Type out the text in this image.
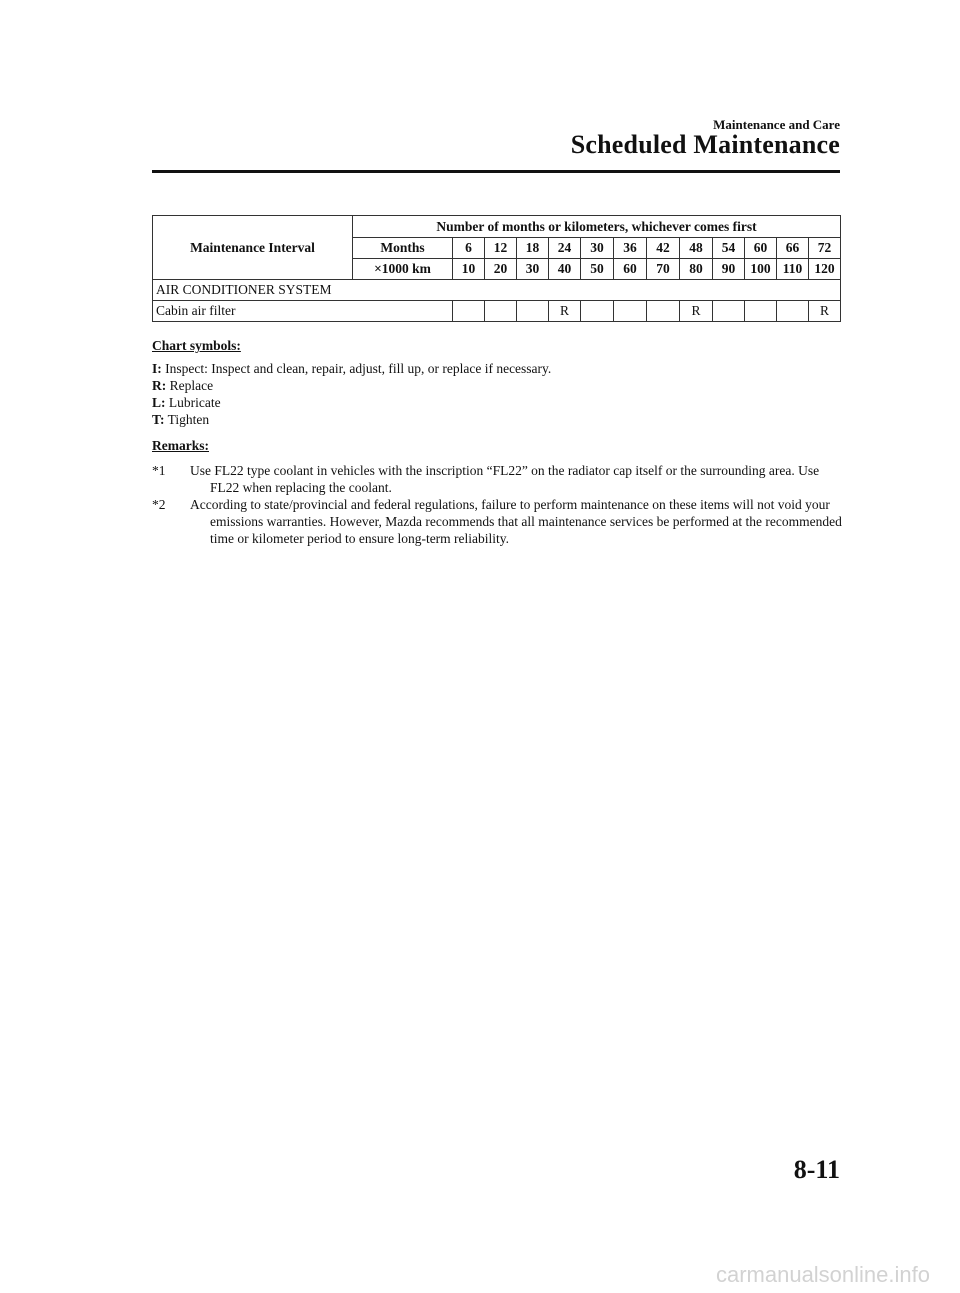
Maintenance and Care
Scheduled Maintenance
Maintenance Interval	Number of months or kilometers, whichever comes first												
	Months	6	12	18	24	30	36	42	48	54	60	66	72
	×1000 km	10	20	30	40	50	60	70	80	90	100	110	120
AIR CONDITIONER SYSTEM													
Cabin air filter					R				R				R
Chart symbols:
I: Inspect: Inspect and clean, repair, adjust, fill up, or replace if necessary.
R: Replace
L: Lubricate
T: Tighten
Remarks:
*1 Use FL22 type coolant in vehicles with the inscription “FL22” on the radiator cap itself or the surrounding area. Use FL22 when replacing the coolant.
*2 According to state/provincial and federal regulations, failure to perform maintenance on these items will not void your emissions warranties. However, Mazda recommends that all maintenance services be performed at the recommended time or kilometer period to ensure long-term reliability.
8-11
carmanualsonline.info
